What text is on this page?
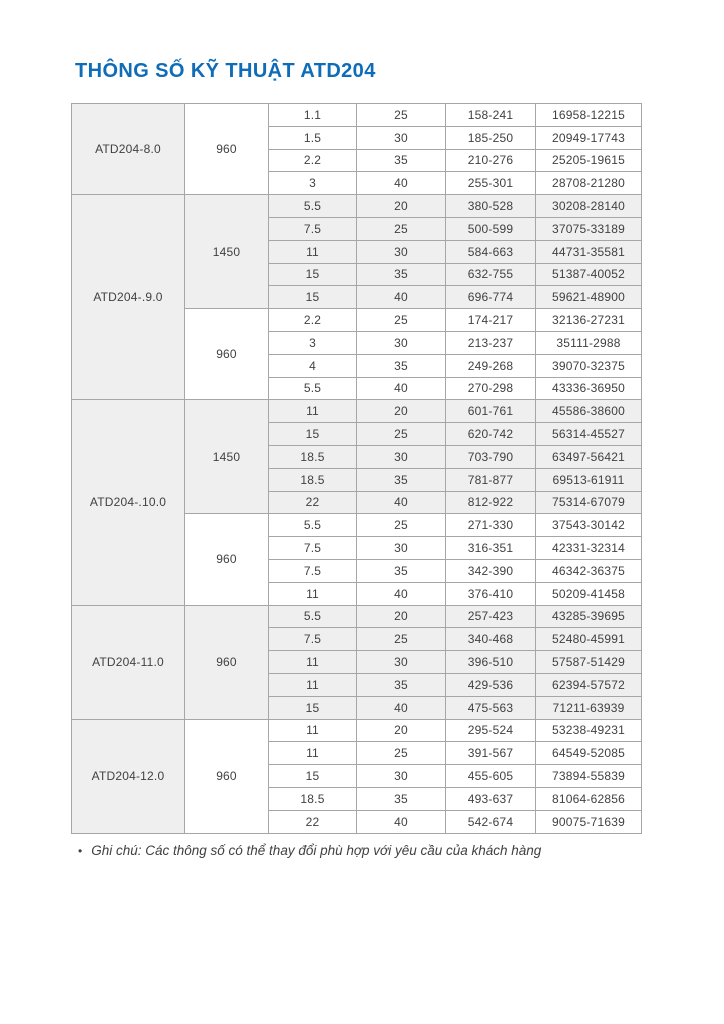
THÔNG SỐ KỸ THUẬT ATD204
ATD204-8.0	960	1.1	25	158-241	16958-12215
		1.5	30	185-250	20949-17743
		2.2	35	210-276	25205-19615
		3	40	255-301	28708-21280
ATD204-.9.0	1450	5.5	20	380-528	30208-28140
		7.5	25	500-599	37075-33189
		11	30	584-663	44731-35581
		15	35	632-755	51387-40052
		15	40	696-774	59621-48900
	960	2.2	25	174-217	32136-27231
		3	30	213-237	35111-2988
		4	35	249-268	39070-32375
		5.5	40	270-298	43336-36950
ATD204-.10.0	1450	11	20	601-761	45586-38600
		15	25	620-742	56314-45527
		18.5	30	703-790	63497-56421
		18.5	35	781-877	69513-61911
		22	40	812-922	75314-67079
	960	5.5	25	271-330	37543-30142
		7.5	30	316-351	42331-32314
		7.5	35	342-390	46342-36375
		11	40	376-410	50209-41458
ATD204-11.0	960	5.5	20	257-423	43285-39695
		7.5	25	340-468	52480-45991
		11	30	396-510	57587-51429
		11	35	429-536	62394-57572
		15	40	475-563	71211-63939
ATD204-12.0	960	11	20	295-524	53238-49231
		11	25	391-567	64549-52085
		15	30	455-605	73894-55839
		18.5	35	493-637	81064-62856
		22	40	542-674	90075-71639
• Ghi chú: Các thông số có thể thay đổi phù hợp với yêu cầu của khách hàng
